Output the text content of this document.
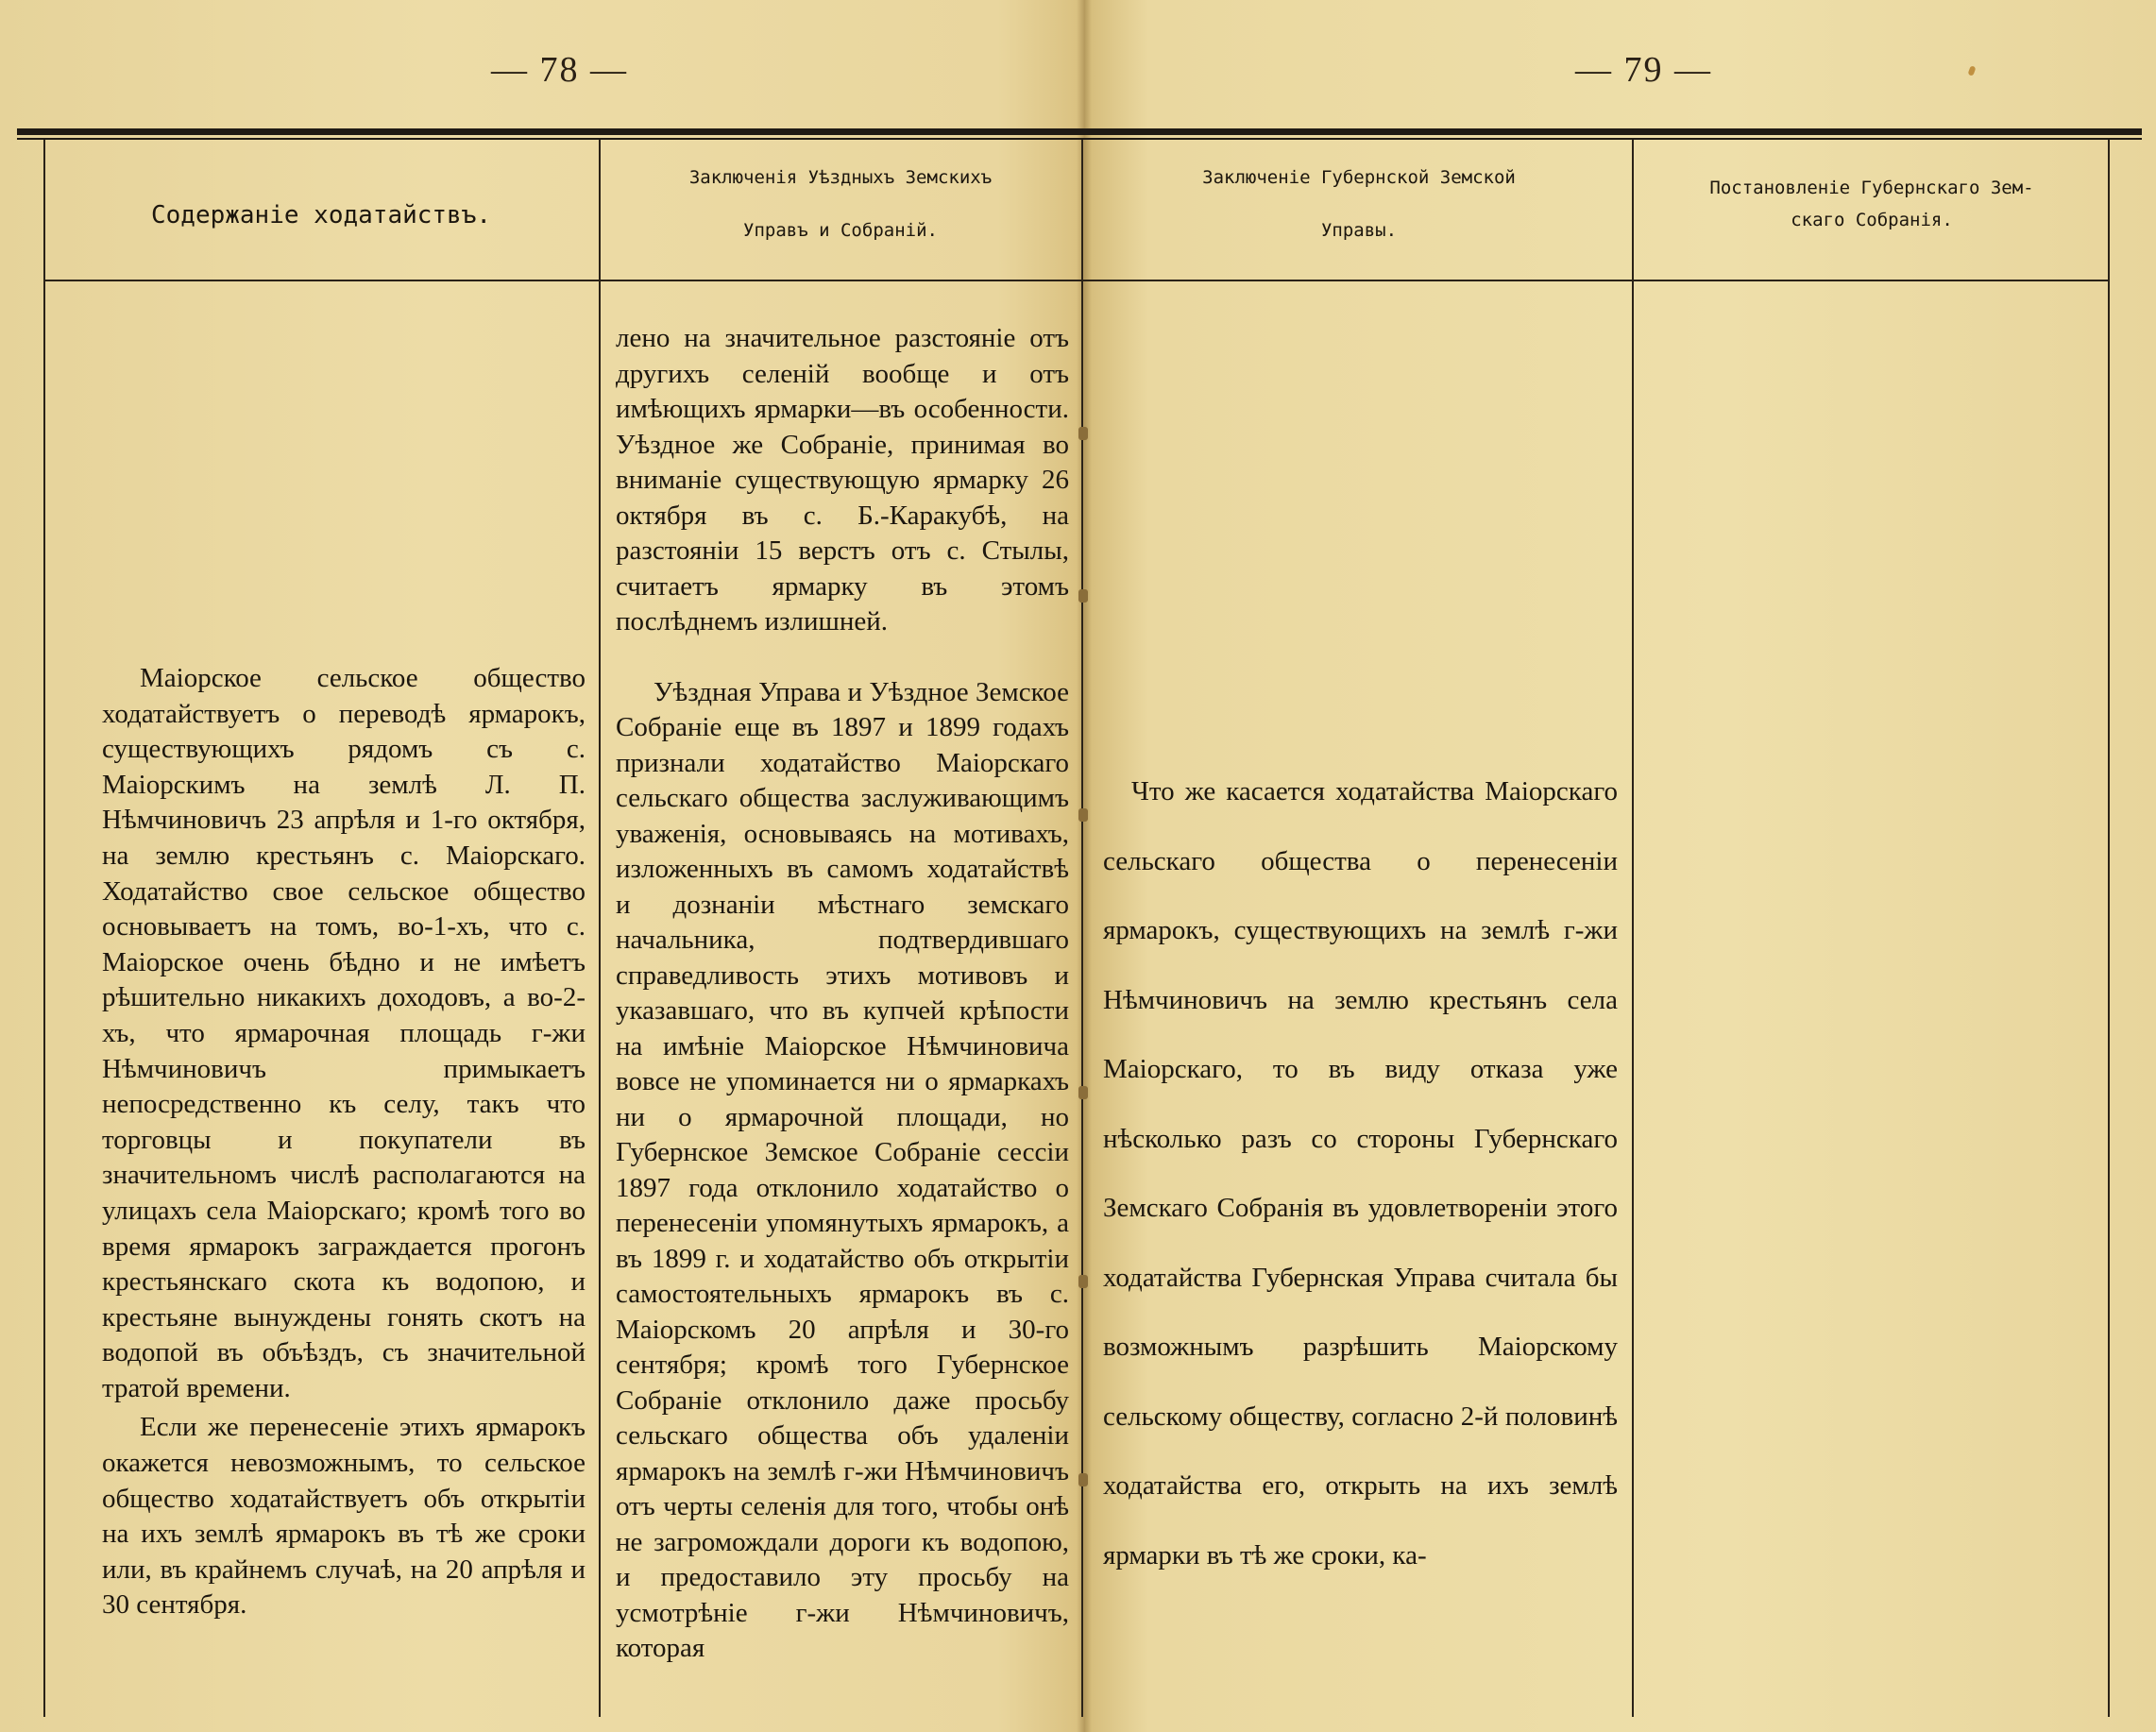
— 78 —	— 79 —
Содержаніе ходатайствъ.
Заключенія Уѣздныхъ Земскихъ
Управъ и Собраній.
Заключеніе Губернской Земской
Управы.
Постановленіе Губернскаго Зем-
скаго Собранія.

Маіорское сельское общество ходатайствуетъ о переводѣ ярмарокъ, существующихъ рядомъ съ с. Маіорскимъ на землѣ Л. П. Нѣмчиновичъ 23 апрѣля и 1-го октября, на землю крестьянъ с. Маіорскаго. Ходатайство свое сельское общество основываетъ на томъ, во-1-хъ, что с. Маіорское очень бѣдно и не имѣетъ рѣшительно никакихъ доходовъ, а во-2-хъ, что ярмарочная площадь г-жи Нѣмчиновичъ примыкаетъ непосредственно къ селу, такъ что торговцы и покупатели въ значительномъ числѣ располагаются на улицахъ села Маіорскаго; кромѣ того во время ярмарокъ заграждается прогонъ крестьянскаго скота къ водопою, и крестьяне вынуждены гонять скотъ на водопой въ объѣздъ, съ значительной тратой времени.

Если же перенесеніе этихъ ярмарокъ окажется невозможнымъ, то сельское общество ходатайствуетъ объ открытіи на ихъ землѣ ярмарокъ въ тѣ же сроки или, въ крайнемъ случаѣ, на 20 апрѣля и 30 сентября.

лено на значительное разстояніе отъ другихъ селеній вообще и отъ имѣющихъ ярмарки—въ особенности. Уѣздное же Собраніе, принимая во вниманіе существующую ярмарку 26 октября въ с. Б.-Каракубѣ, на разстояніи 15 верстъ отъ с. Стылы, считаетъ ярмарку въ этомъ послѣднемъ излишней.

Уѣздная Управа и Уѣздное Земское Собраніе еще въ 1897 и 1899 годахъ признали ходатайство Маіорскаго сельскаго общества заслуживающимъ уваженія, основываясь на мотивахъ, изложенныхъ въ самомъ ходатайствѣ и дознаніи мѣстнаго земскаго начальника, подтвердившаго справедливость этихъ мотивовъ и указавшаго, что въ купчей крѣпости на имѣніе Маіорское Нѣмчиновича вовсе не упоминается ни о ярмаркахъ ни о ярмарочной площади, но Губернское Земское Собраніе сессіи 1897 года отклонило ходатайство о перенесеніи упомянутыхъ ярмарокъ, а въ 1899 г. и ходатайство объ открытіи самостоятельныхъ ярмарокъ въ с. Маіорскомъ 20 апрѣля и 30-го сентября; кромѣ того Губернское Собраніе отклонило даже просьбу сельскаго общества объ удаленіи ярмарокъ на землѣ г-жи Нѣмчиновичъ отъ черты селенія для того, чтобы онѣ не загромождали дороги къ водопою, и предоставило эту просьбу на усмотрѣніе г-жи Нѣмчиновичъ, которая

Что же касается ходатайства Маіорскаго сельскаго общества о перенесеніи ярмарокъ, существующихъ на землѣ г-жи Нѣмчиновичъ на землю крестьянъ села Маіорскаго, то въ виду отказа уже нѣсколько разъ со стороны Губернскаго Земскаго Собранія въ удовлетвореніи этого ходатайства Губернская Управа считала бы возможнымъ разрѣшить Маіорскому сельскому обществу, согласно 2-й половинѣ ходатайства его, открыть на ихъ землѣ ярмарки въ тѣ же сроки, ка-
